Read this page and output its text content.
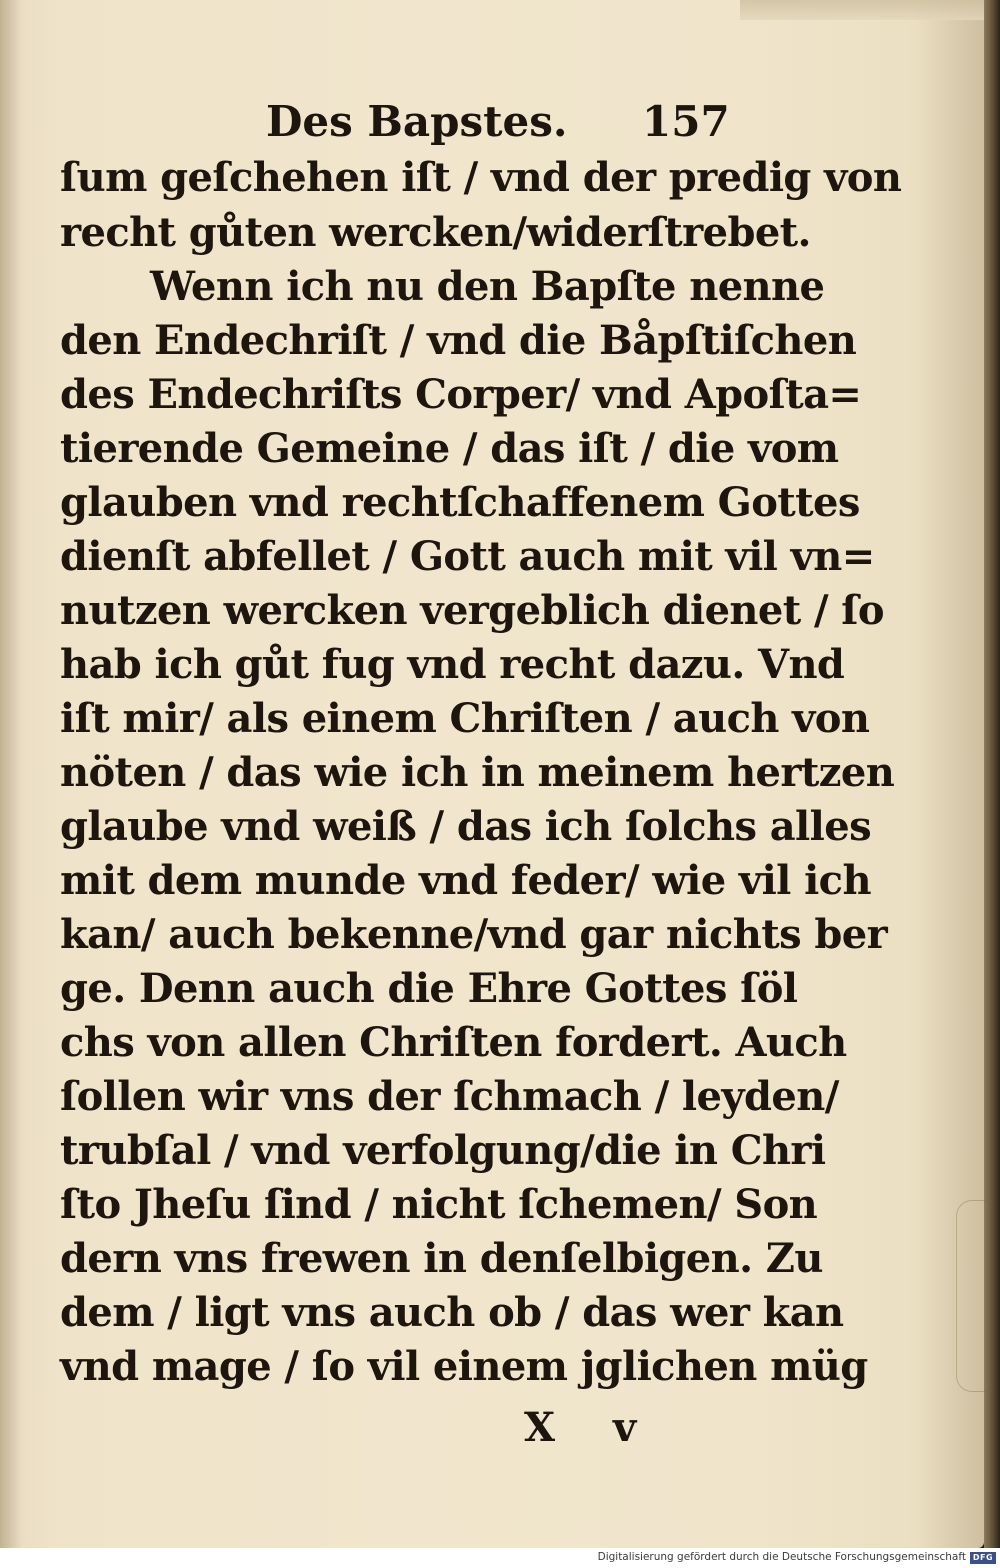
Des Bapstes. 157
ſum geſchehen iſt / vnd der predig von
recht gůten wercken/widerſtrebet.
Wenn ich nu den Bapſte nenne
den Endechriſt / vnd die Båpſtiſchen
des Endechriſts Corper/ vnd Apoſta=
tierende Gemeine / das iſt / die vom
glauben vnd rechtſchaffenem Gottes
dienſt abfellet / Gott auch mit vil vn=
nutzen wercken vergeblich dienet / ſo
hab ich gůt fug vnd recht dazu. Vnd
iſt mir/ als einem Chriſten / auch von
nöten / das wie ich in meinem hertzen
glaube vnd weiß / das ich ſolchs alles
mit dem munde vnd feder/ wie vil ich
kan/ auch bekenne/vnd gar nichts ber
ge. Denn auch die Ehre Gottes ſöl
chs von allen Chriſten fordert. Auch
ſollen wir vns der ſchmach / leyden/
trubſal / vnd verfolgung/die in Chri
ſto Jheſu ſind / nicht ſchemen/ Son
dern vns frewen in denſelbigen. Zu
dem / ligt vns auch ob / das wer kan
vnd mage / ſo vil einem jglichen müg
X v
Digitalisierung gefördert durch die Deutsche Forschungsgemeinschaft DFG
